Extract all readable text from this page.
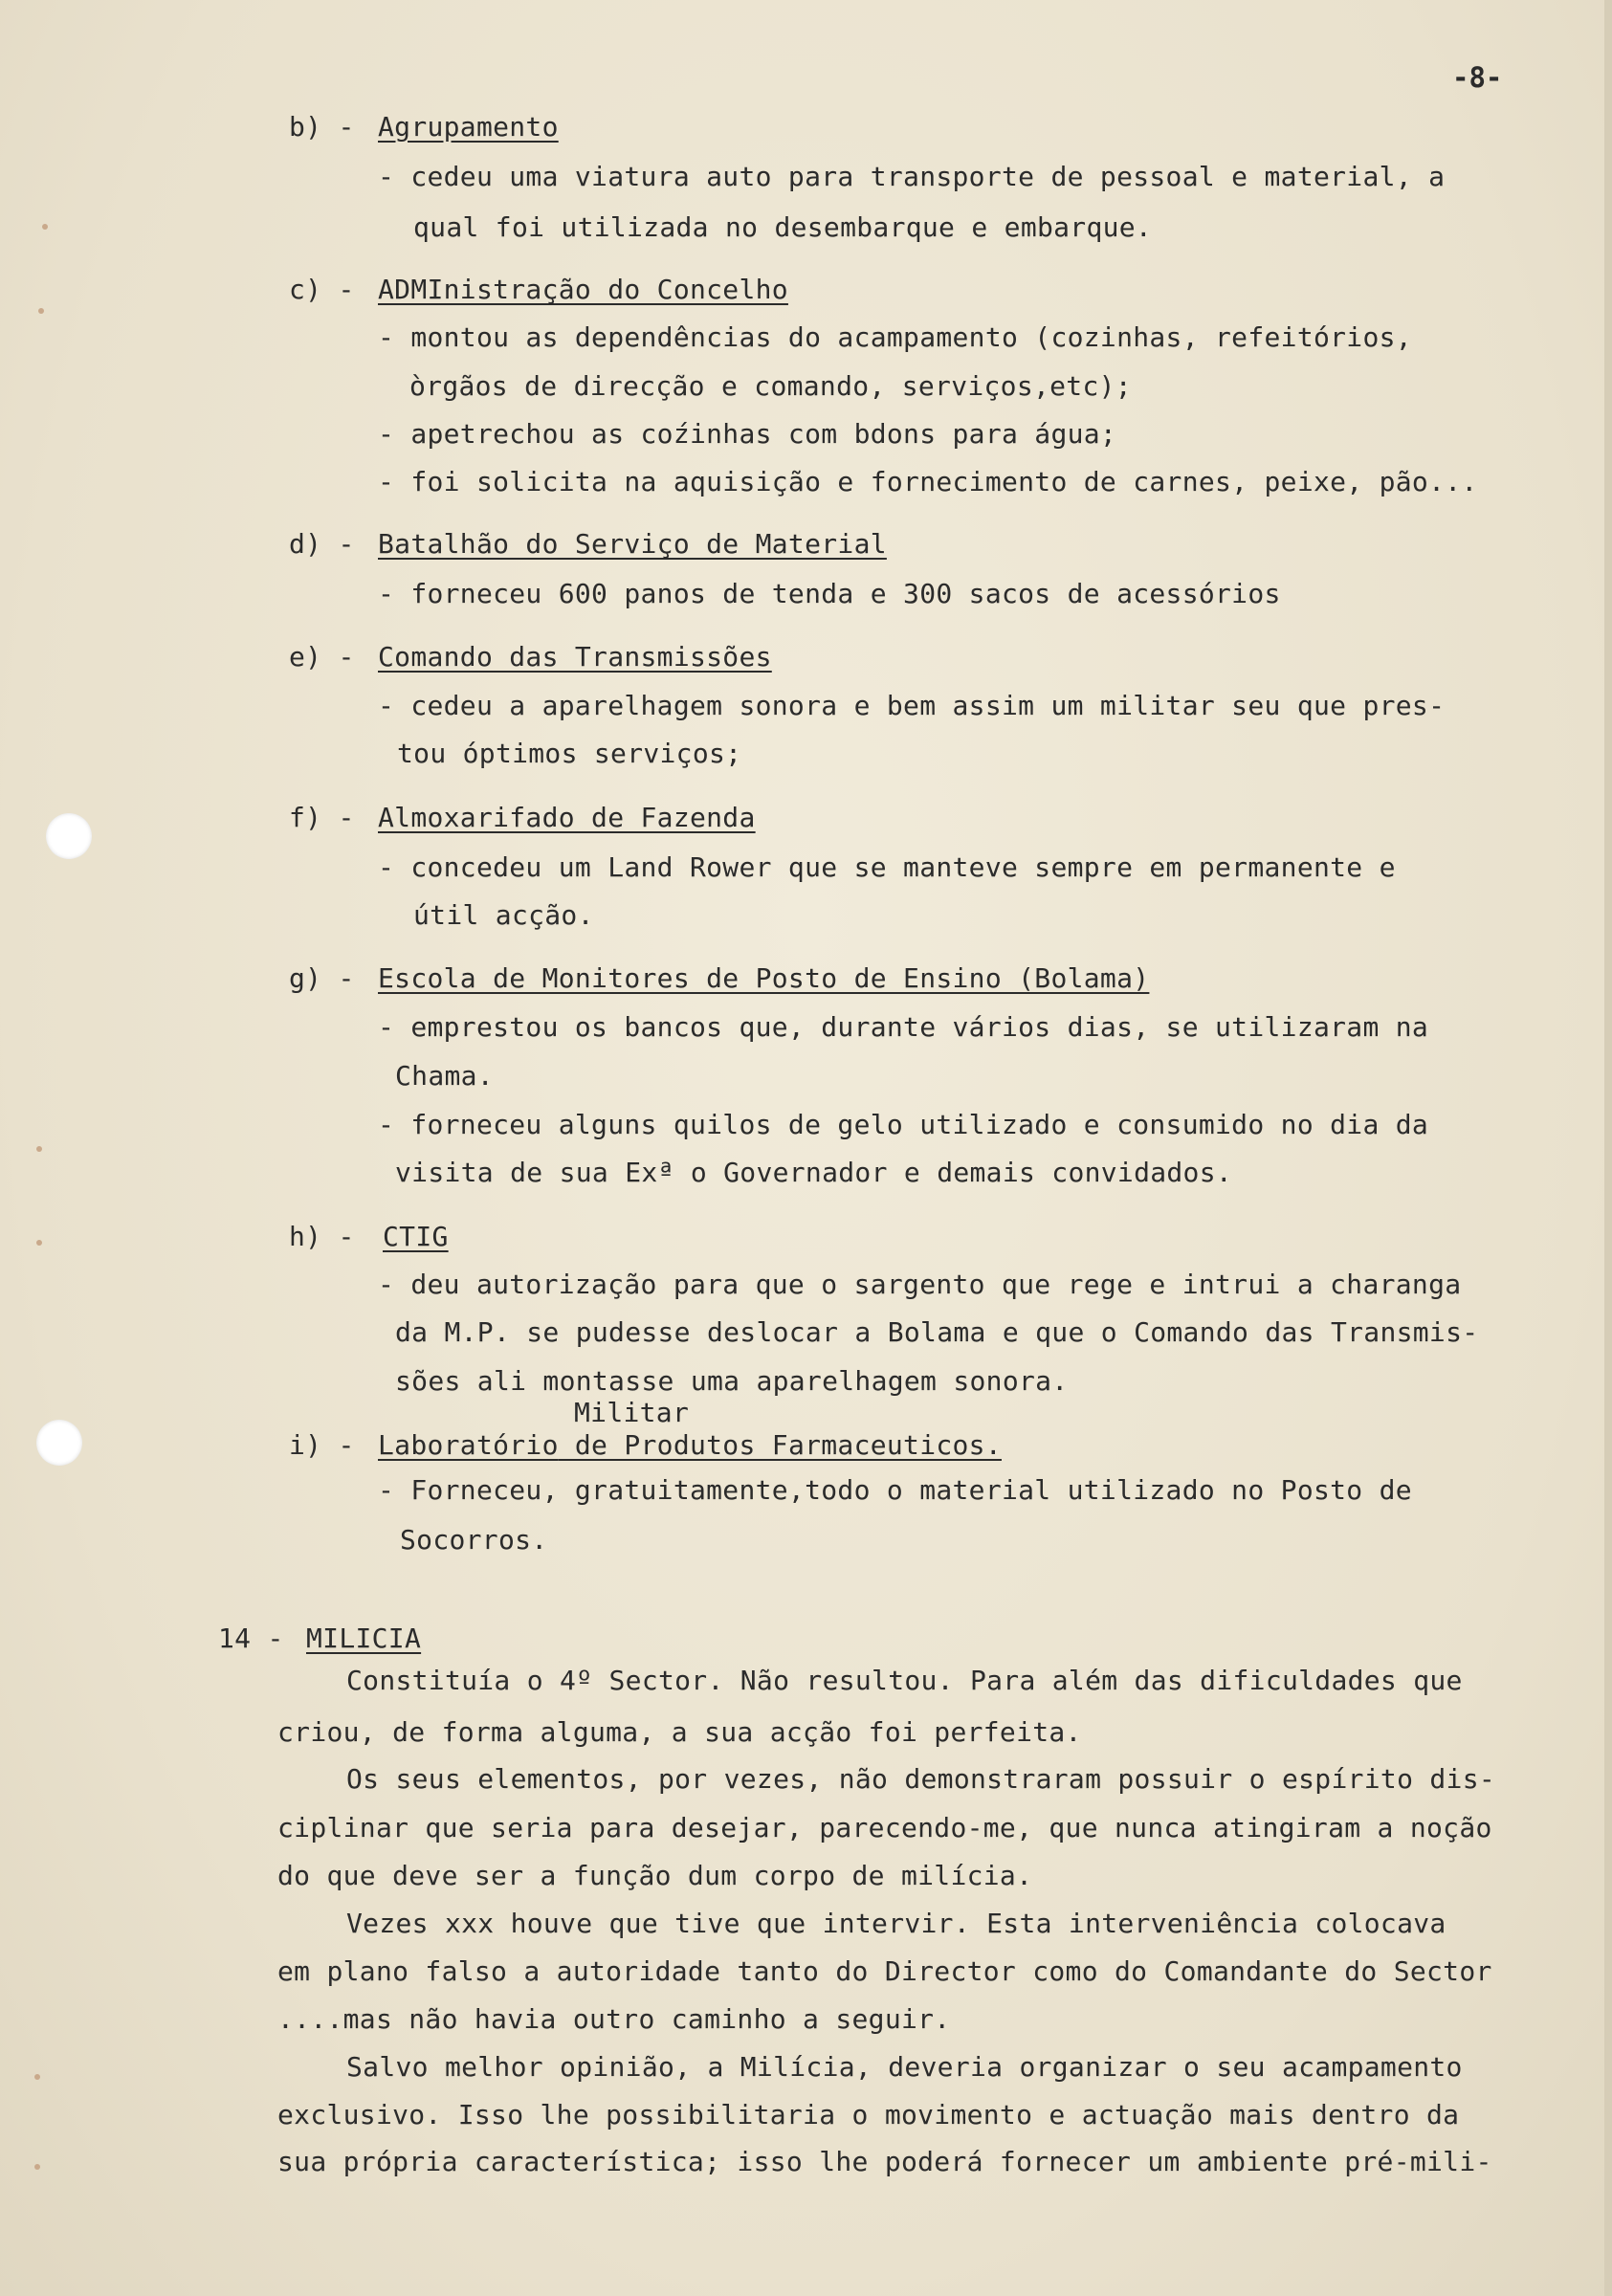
-8-
b) - Agrupamento
- cedeu uma viatura auto para transporte de pessoal e material, a
qual foi utilizada no desembarque e embarque.
c) - ADMInistração do Concelho
- montou as dependências do acampamento (cozinhas, refeitórios,
òrgãos de direcção e comando, serviços,etc);
- apetrechou as coźinhas com bdons para água;
- foi solicita na aquisição e fornecimento de carnes, peixe, pão...
d) - Batalhão do Serviço de Material
- forneceu 600 panos de tenda e 300 sacos de acessórios
e) - Comando das Transmissões
- cedeu a aparelhagem sonora e bem assim um militar seu que pres-
tou óptimos serviços;
f) - Almoxarifado de Fazenda
- concedeu um Land Rower que se manteve sempre em permanente e
útil acção.
g) - Escola de Monitores de Posto de Ensino (Bolama)
- emprestou os bancos que, durante vários dias, se utilizaram na
Chama.
- forneceu alguns quilos de gelo utilizado e consumido no dia da
visita de sua Exª o Governador e demais convidados.
h) - CTIG
- deu autorização para que o sargento que rege e intrui a charanga
da M.P. se pudesse deslocar a Bolama e que o Comando das Transmis-
sões ali montasse uma aparelhagem sonora.
Militar
i) - Laboratório de Produtos Farmaceuticos.
- Forneceu, gratuitamente,todo o material utilizado no Posto de
Socorros.
14 - MILICIA
Constituía o 4º Sector. Não resultou. Para além das dificuldades que
criou, de forma alguma, a sua acção foi perfeita.
Os seus elementos, por vezes, não demonstraram possuir o espírito dis-
ciplinar que seria para desejar, parecendo-me, que nunca atingiram a noção
do que deve ser a função dum corpo de milícia.
Vezes xxx houve que tive que intervir. Esta interveniência colocava
em plano falso a autoridade tanto do Director como do Comandante do Sector
....mas não havia outro caminho a seguir.
Salvo melhor opinião, a Milícia, deveria organizar o seu acampamento
exclusivo. Isso lhe possibilitaria o movimento e actuação mais dentro da
sua própria característica; isso lhe poderá fornecer um ambiente pré-mili-
